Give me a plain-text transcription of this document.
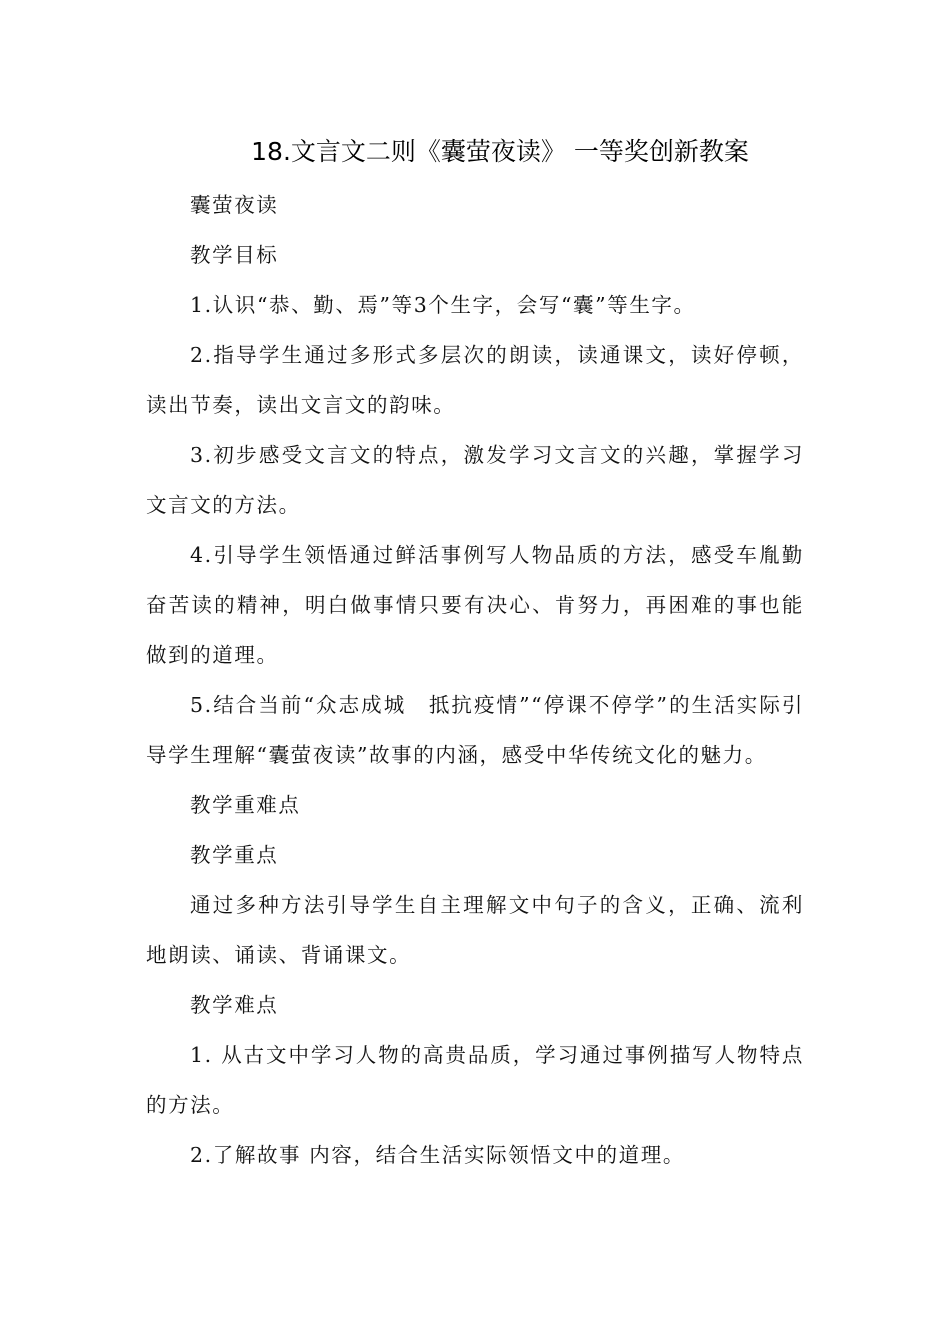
18.文言文二则《囊萤夜读》 一等奖创新教案

囊萤夜读

教学目标

1.认识“恭、勤、焉”等3个生字，会写“囊”等生字。

2.指导学生通过多形式多层次的朗读，读通课文，读好停顿，读出节奏，读出文言文的韵味。

3.初步感受文言文的特点，激发学习文言文的兴趣，掌握学习文言文的方法。

4.引导学生领悟通过鲜活事例写人物品质的方法，感受车胤勤奋苦读的精神，明白做事情只要有决心、肯努力，再困难的事也能做到的道理。

5.结合当前“众志成城　抵抗疫情”“停课不停学”的生活实际引导学生理解“囊萤夜读”故事的内涵，感受中华传统文化的魅力。

教学重难点

教学重点

通过多种方法引导学生自主理解文中句子的含义，正确、流利地朗读、诵读、背诵课文。

教学难点

1. 从古文中学习人物的高贵品质，学习通过事例描写人物特点的方法。

2.了解故事 内容，结合生活实际领悟文中的道理。
